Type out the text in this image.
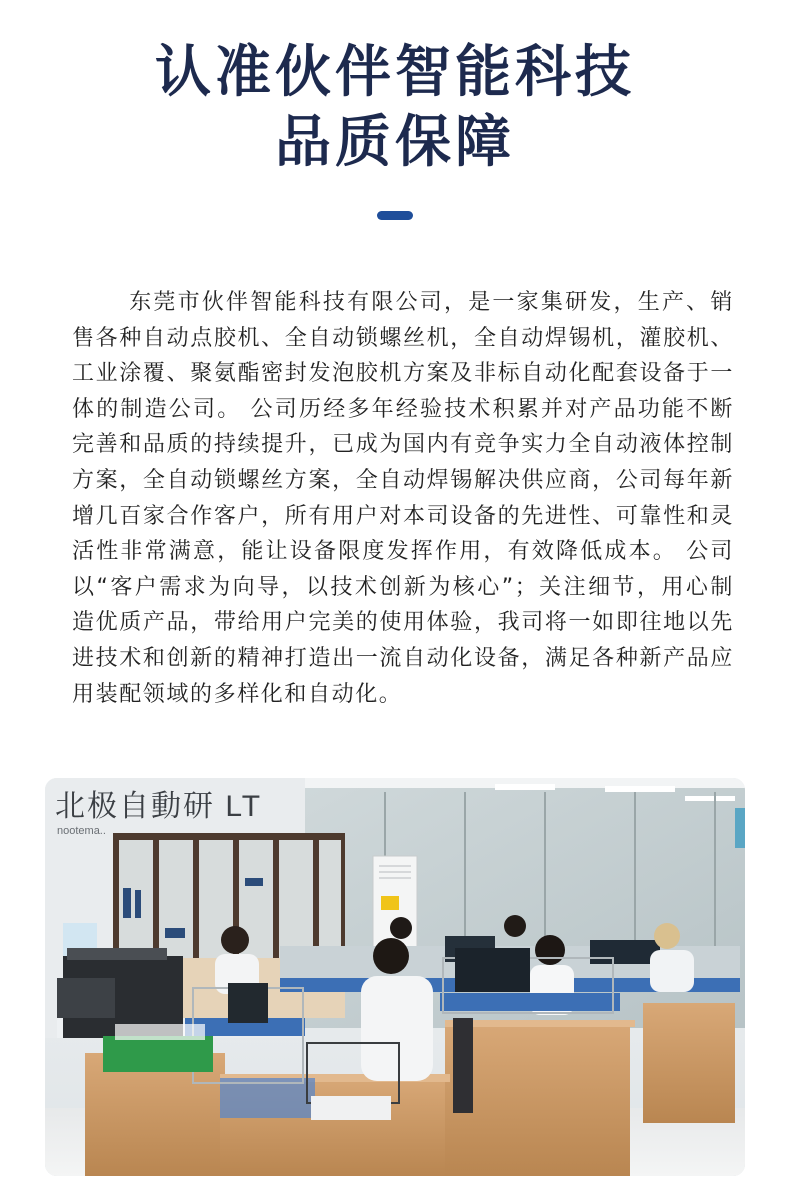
认准伙伴智能科技
品质保障

东莞市伙伴智能科技有限公司，是一家集研发，生产、销售各种自动点胶机、全自动锁螺丝机，全自动焊锡机，灌胶机、工业涂覆、聚氨酯密封发泡胶机方案及非标自动化配套设备于一体的制造公司。 公司历经多年经验技术积累并对产品功能不断完善和品质的持续提升，已成为国内有竞争实力全自动液体控制方案，全自动锁螺丝方案，全自动焊锡解决供应商，公司每年新增几百家合作客户，所有用户对本司设备的先进性、可靠性和灵活性非常满意，能让设备限度发挥作用，有效降低成本。 公司以“客户需求为向导，以技术创新为核心”；关注细节，用心制造优质产品，带给用户完美的使用体验，我司将一如即往地以先进技术和创新的精神打造出一流自动化设备，满足各种新产品应用装配领域的多样化和自动化。

北极自動研 LT
nootema..
